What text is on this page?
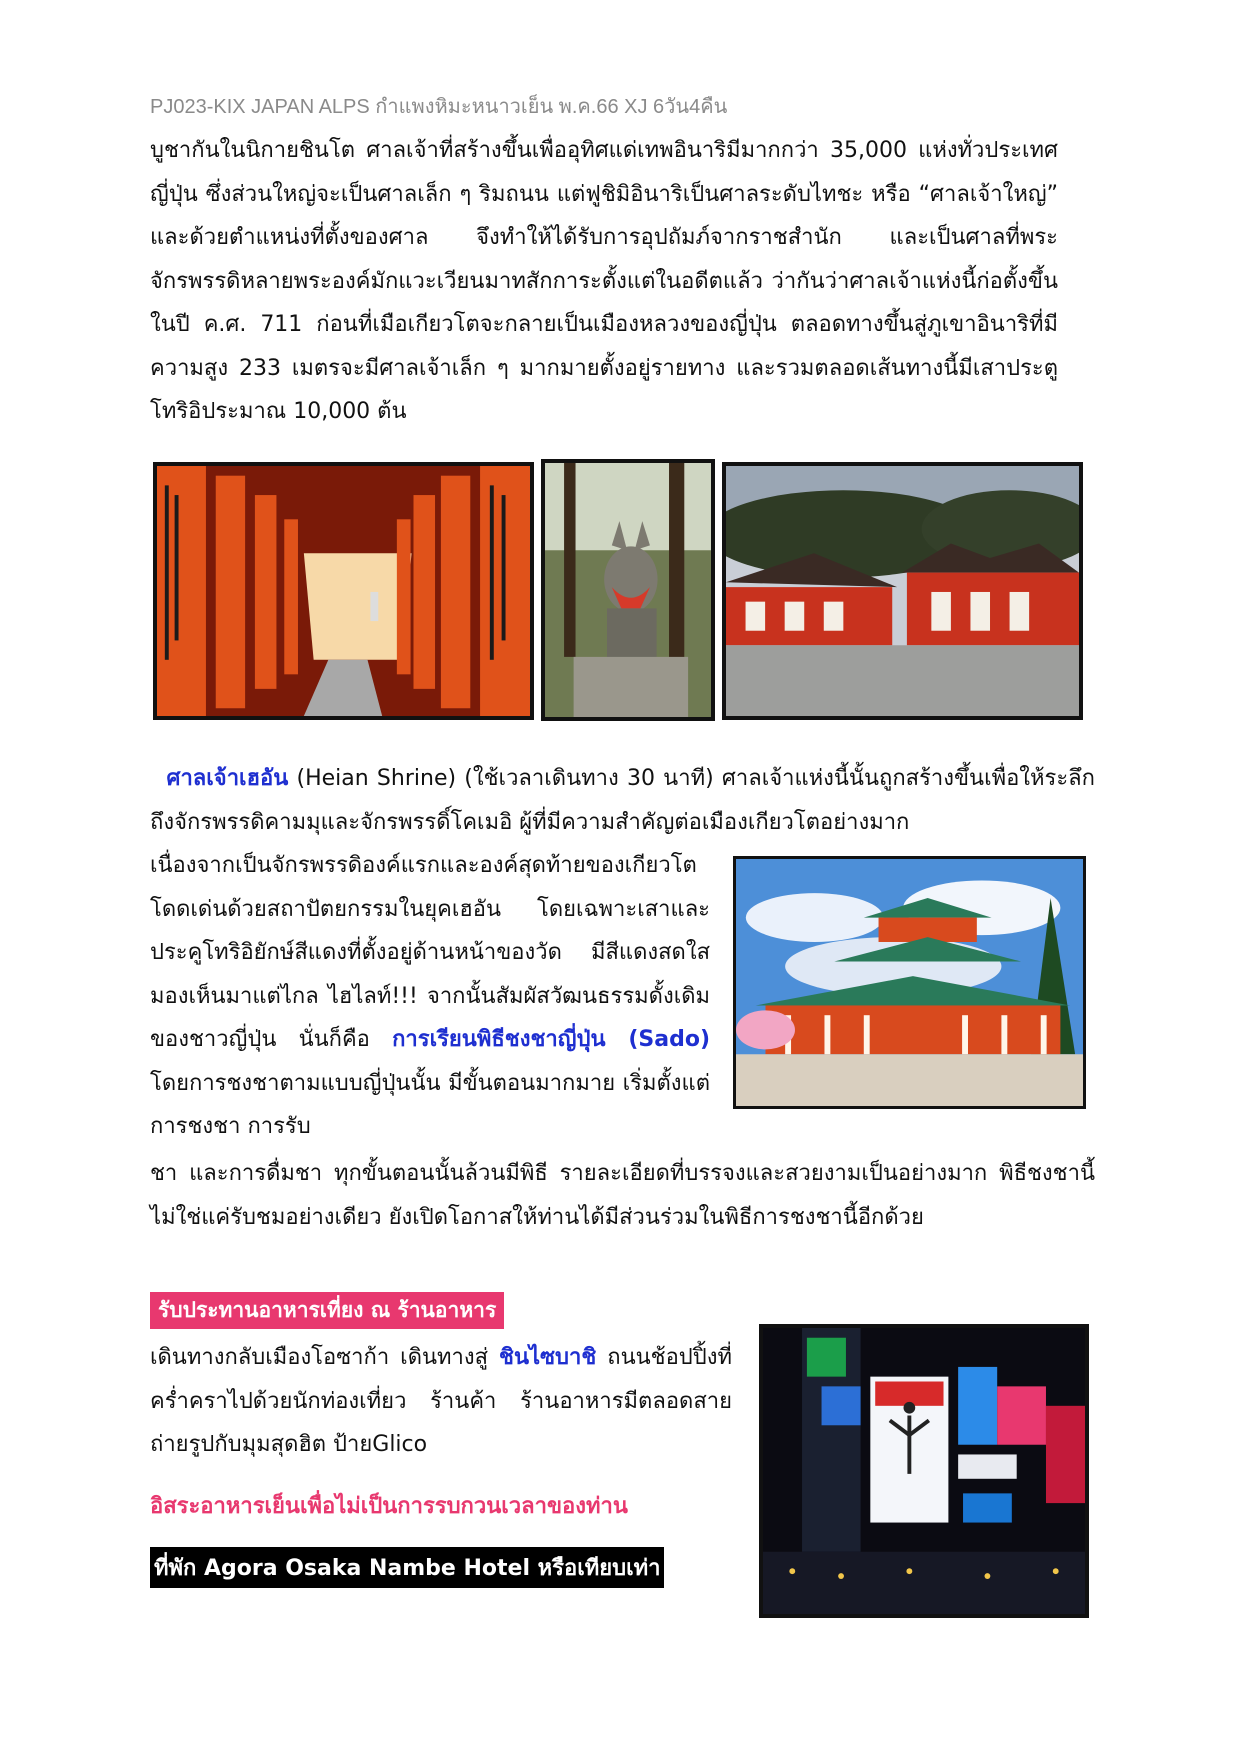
PJ023-KIX JAPAN ALPS กำแพงหิมะหนาวเย็น พ.ค.66 XJ 6วัน4คืน
บูชากันในนิกายชินโต ศาลเจ้าที่สร้างขึ้นเพื่ออุทิศแด่เทพอินาริมีมากกว่า 35,000 แห่งทั่วประเทศญี่ปุ่น ซึ่งส่วนใหญ่จะเป็นศาลเล็ก ๆ ริมถนน แต่ฟูชิมิอินาริเป็นศาลระดับไทชะ หรือ “ศาลเจ้าใหญ่” และด้วยตำแหน่งที่ตั้งของศาล จึงทำให้ได้รับการอุปถัมภ์จากราชสำนัก และเป็นศาลที่พระจักรพรรดิหลายพระองค์มักแวะเวียนมาทสักการะตั้งแต่ในอดีตแล้ว ว่ากันว่าศาลเจ้าแห่งนี้ก่อตั้งขึ้นในปี ค.ศ. 711 ก่อนที่เมือเกียวโตจะกลายเป็นเมืองหลวงของญี่ปุ่น ตลอดทางขึ้นสู่ภูเขาอินาริที่มีความสูง 233 เมตรจะมีศาลเจ้าเล็ก ๆ มากมายตั้งอยู่รายทาง และรวมตลอดเส้นทางนี้มีเสาประตูโทริอิประมาณ 10,000 ต้น
ศาลเจ้าเฮอัน (Heian Shrine) (ใช้เวลาเดินทาง 30 นาที) ศาลเจ้าแห่งนี้นั้นถูกสร้างขึ้นเพื่อให้ระลึกถึงจักรพรรดิคามมุและจักรพรรดิ์โคเมอิ ผู้ที่มีความสำคัญต่อเมืองเกียวโตอย่างมาก
เนื่องจากเป็นจักรพรรดิองค์แรกและองค์สุดท้ายของเกียวโต โดดเด่นด้วยสถาปัตยกรรมในยุคเฮอัน โดยเฉพาะเสาและประคูโทริอิยักษ์สีแดงที่ตั้งอยู่ด้านหน้าของวัด มีสีแดงสดใสมองเห็นมาแต่ไกล ไฮไลท์!!! จากนั้นสัมผัสวัฒนธรรมดั้งเดิมของชาวญี่ปุ่น นั่นก็คือ การเรียนพิธีชงชาญี่ปุ่น (Sado) โดยการชงชาตามแบบญี่ปุ่นนั้น มีขั้นตอนมากมาย เริ่มตั้งแต่การชงชา การรับ
ชา และการดื่มชา ทุกขั้นตอนนั้นล้วนมีพิธี รายละเอียดที่บรรจงและสวยงามเป็นอย่างมาก พิธีชงชานี้ ไม่ใช่แค่รับชมอย่างเดียว ยังเปิดโอกาสให้ท่านได้มีส่วนร่วมในพิธีการชงชานี้อีกด้วย
รับประทานอาหารเที่ยง ณ ร้านอาหาร
เดินทางกลับเมืองโอซาก้า เดินทางสู่ ชินไซบาชิ ถนนช้อปปิ้งที่คร่ำคราไปด้วยนักท่องเที่ยว ร้านค้า ร้านอาหารมีตลอดสายถ่ายรูปกับมุมสุดฮิต ป้ายGlico
อิสระอาหารเย็นเพื่อไม่เป็นการรบกวนเวลาของท่าน
ที่พัก Agora Osaka Nambe Hotel หรือเทียบเท่า
